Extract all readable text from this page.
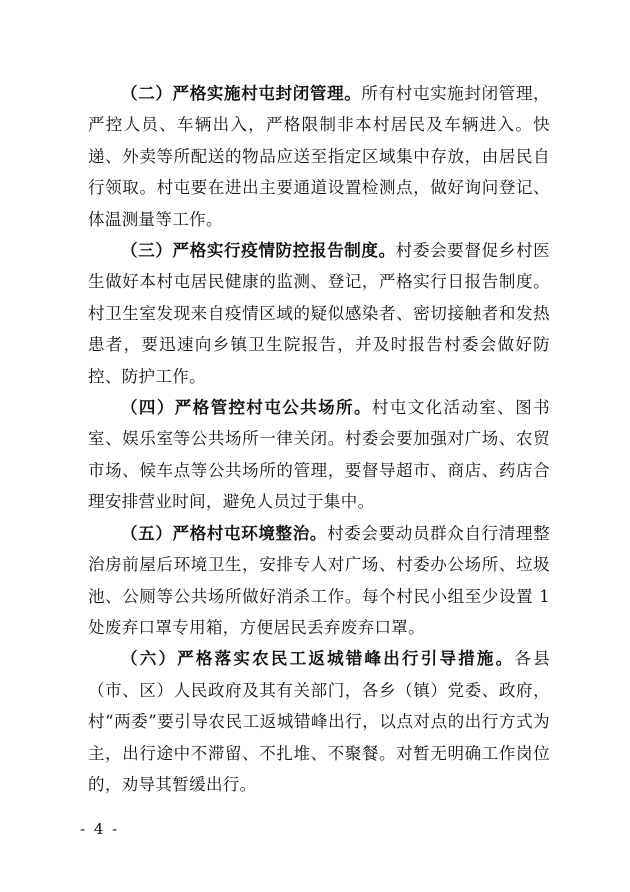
（二）严格实施村屯封闭管理。所有村屯实施封闭管理，严控人员、车辆出入，严格限制非本村居民及车辆进入。快递、外卖等所配送的物品应送至指定区域集中存放，由居民自行领取。村屯要在进出主要通道设置检测点，做好询问登记、体温测量等工作。

（三）严格实行疫情防控报告制度。村委会要督促乡村医生做好本村屯居民健康的监测、登记，严格实行日报告制度。村卫生室发现来自疫情区域的疑似感染者、密切接触者和发热患者，要迅速向乡镇卫生院报告，并及时报告村委会做好防控、防护工作。

（四）严格管控村屯公共场所。村屯文化活动室、图书室、娱乐室等公共场所一律关闭。村委会要加强对广场、农贸市场、候车点等公共场所的管理，要督导超市、商店、药店合理安排营业时间，避免人员过于集中。

（五）严格村屯环境整治。村委会要动员群众自行清理整治房前屋后环境卫生，安排专人对广场、村委办公场所、垃圾池、公厕等公共场所做好消杀工作。每个村民小组至少设置 1 处废弃口罩专用箱，方便居民丢弃废弃口罩。

（六）严格落实农民工返城错峰出行引导措施。各县（市、区）人民政府及其有关部门，各乡（镇）党委、政府，村“两委”要引导农民工返城错峰出行，以点对点的出行方式为主，出行途中不滞留、不扎堆、不聚餐。对暂无明确工作岗位的，劝导其暂缓出行。

- 4 -
